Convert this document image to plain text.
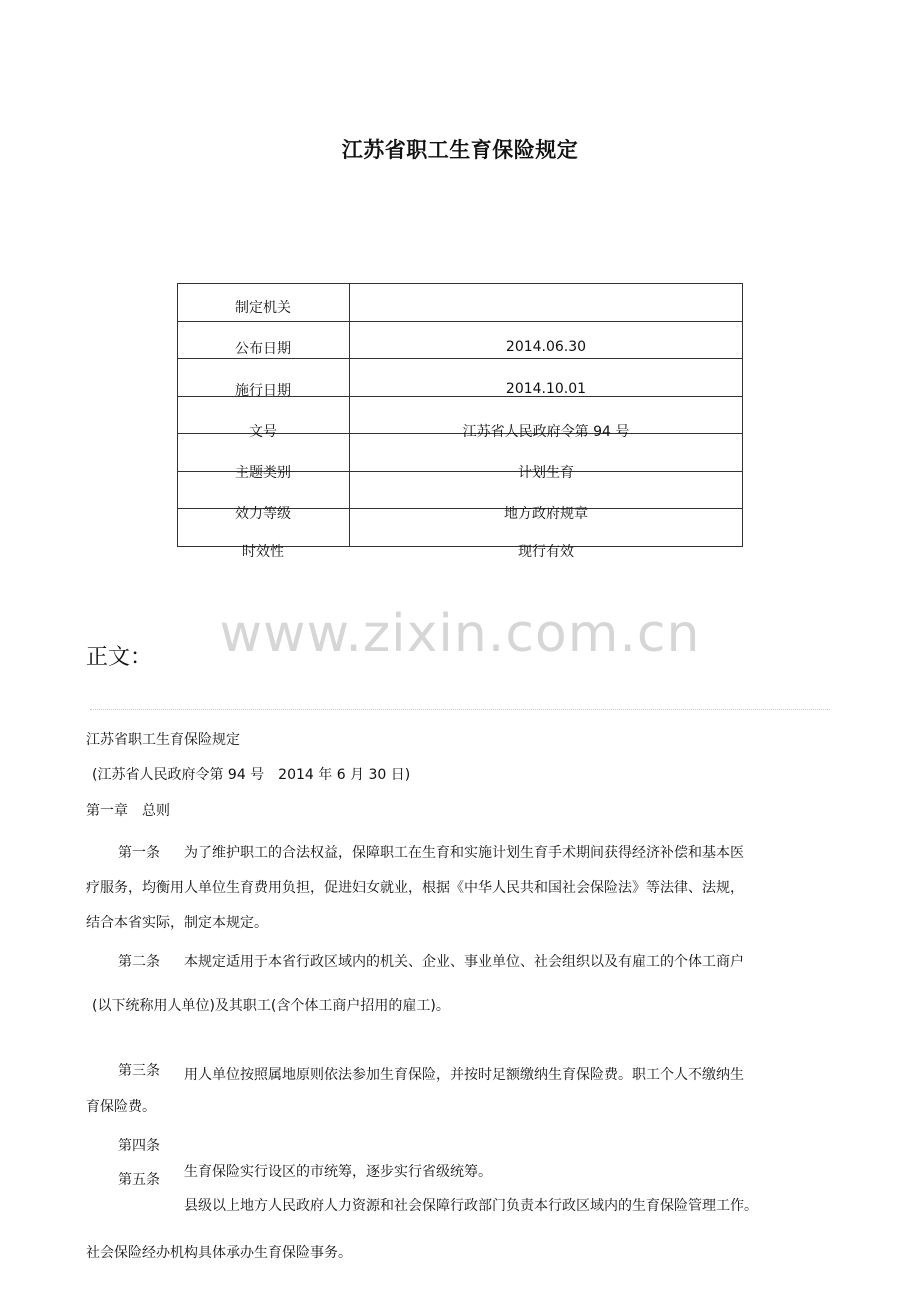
江苏省职工生育保险规定
制定机关
公布日期	2014.06.30
施行日期	2014.10.01
文号	江苏省人民政府令第 94 号
主题类别	计划生育
效力等级	地方政府规章
时效性	现行有效
www.zixin.com.cn
正文：
江苏省职工生育保险规定
(江苏省人民政府令第 94 号　2014 年 6 月 30 日)
第一章　总则
第一条 为了维护职工的合法权益，保障职工在生育和实施计划生育手术期间获得经济补偿和基本医
疗服务，均衡用人单位生育费用负担，促进妇女就业，根据《中华人民共和国社会保险法》等法律、法规，
结合本省实际，制定本规定。
第二条 本规定适用于本省行政区域内的机关、企业、事业单位、社会组织以及有雇工的个体工商户
(以下统称用人单位)及其职工(含个体工商户招用的雇工)。
第三条 用人单位按照属地原则依法参加生育保险，并按时足额缴纳生育保险费。职工个人不缴纳生
育保险费。
第四条
第五条 生育保险实行设区的市统筹，逐步实行省级统筹。
县级以上地方人民政府人力资源和社会保障行政部门负责本行政区域内的生育保险管理工作。
社会保险经办机构具体承办生育保险事务。
